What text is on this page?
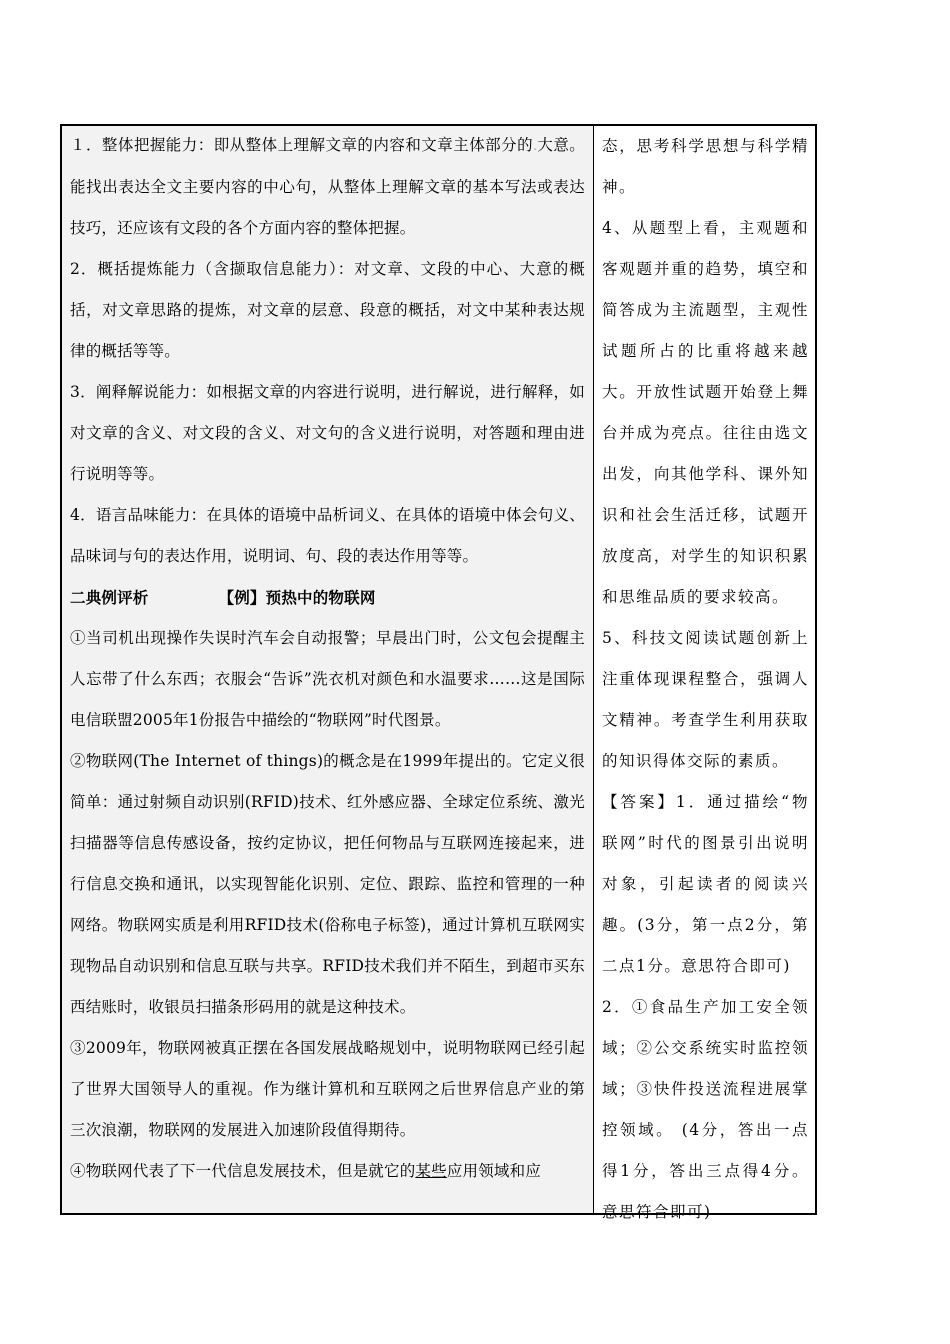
１．整体把握能力：即从整体上理解文章的内容和文章主体部分的.大意。能找出表达全文主要内容的中心句，从整体上理解文章的基本写法或表达技巧，还应该有文段的各个方面内容的整体把握。

2．概括提炼能力（含撷取信息能力）：对文章、文段的中心、大意的概括，对文章思路的提炼，对文章的层意、段意的概括，对文中某种表达规律的概括等等。

3．阐释解说能力：如根据文章的内容进行说明，进行解说，进行解释，如对文章的含义、对文段的含义、对文句的含义进行说明，对答题和理由进行说明等等。

4．语言品味能力：在具体的语境中品析词义、在具体的语境中体会句义、品味词与句的表达作用，说明词、句、段的表达作用等等。

二典例评析	【例】预热中的物联网

①当司机出现操作失误时汽车会自动报警；早晨出门时，公文包会提醒主人忘带了什么东西；衣服会“告诉”洗衣机对颜色和水温要求……这是国际电信联盟2005年1份报告中描绘的“物联网”时代图景。

②物联网(The Internet of things)的概念是在1999年提出的。它定义很简单：通过射频自动识别(RFID)技术、红外感应器、全球定位系统、激光扫描器等信息传感设备，按约定协议，把任何物品与互联网连接起来，进行信息交换和通讯，以实现智能化识别、定位、跟踪、监控和管理的一种网络。物联网实质是利用RFID技术(俗称电子标签)，通过计算机互联网实现物品自动识别和信息互联与共享。RFID技术我们并不陌生，到超市买东西结账时，收银员扫描条形码用的就是这种技术。

③2009年，物联网被真正摆在各国发展战略规划中，说明物联网已经引起了世界大国领导人的重视。作为继计算机和互联网之后世界信息产业的第三次浪潮，物联网的发展进入加速阶段值得期待。

④物联网代表了下一代信息发展技术，但是就它的某些应用领域和应

态，思考科学思想与科学精神。

4、从题型上看，主观题和客观题并重的趋势，填空和简答成为主流题型，主观性试题所占的比重将越来越大。开放性试题开始登上舞台并成为亮点。往往由选文出发，向其他学科、课外知识和社会生活迁移，试题开放度高，对学生的知识积累和思维品质的要求较高。

5、科技文阅读试题创新上注重体现课程整合，强调人文精神。考查学生利用获取的知识得体交际的素质。

【答案】1．通过描绘“物联网”时代的图景引出说明对象，引起读者的阅读兴趣。(3分，第一点2分，第二点1分。意思符合即可)

2．①食品生产加工安全领域；②公交系统实时监控领域；③快件投送流程进展掌控领域。 (4分，答出一点得1分，答出三点得4分。意思符合即可)
